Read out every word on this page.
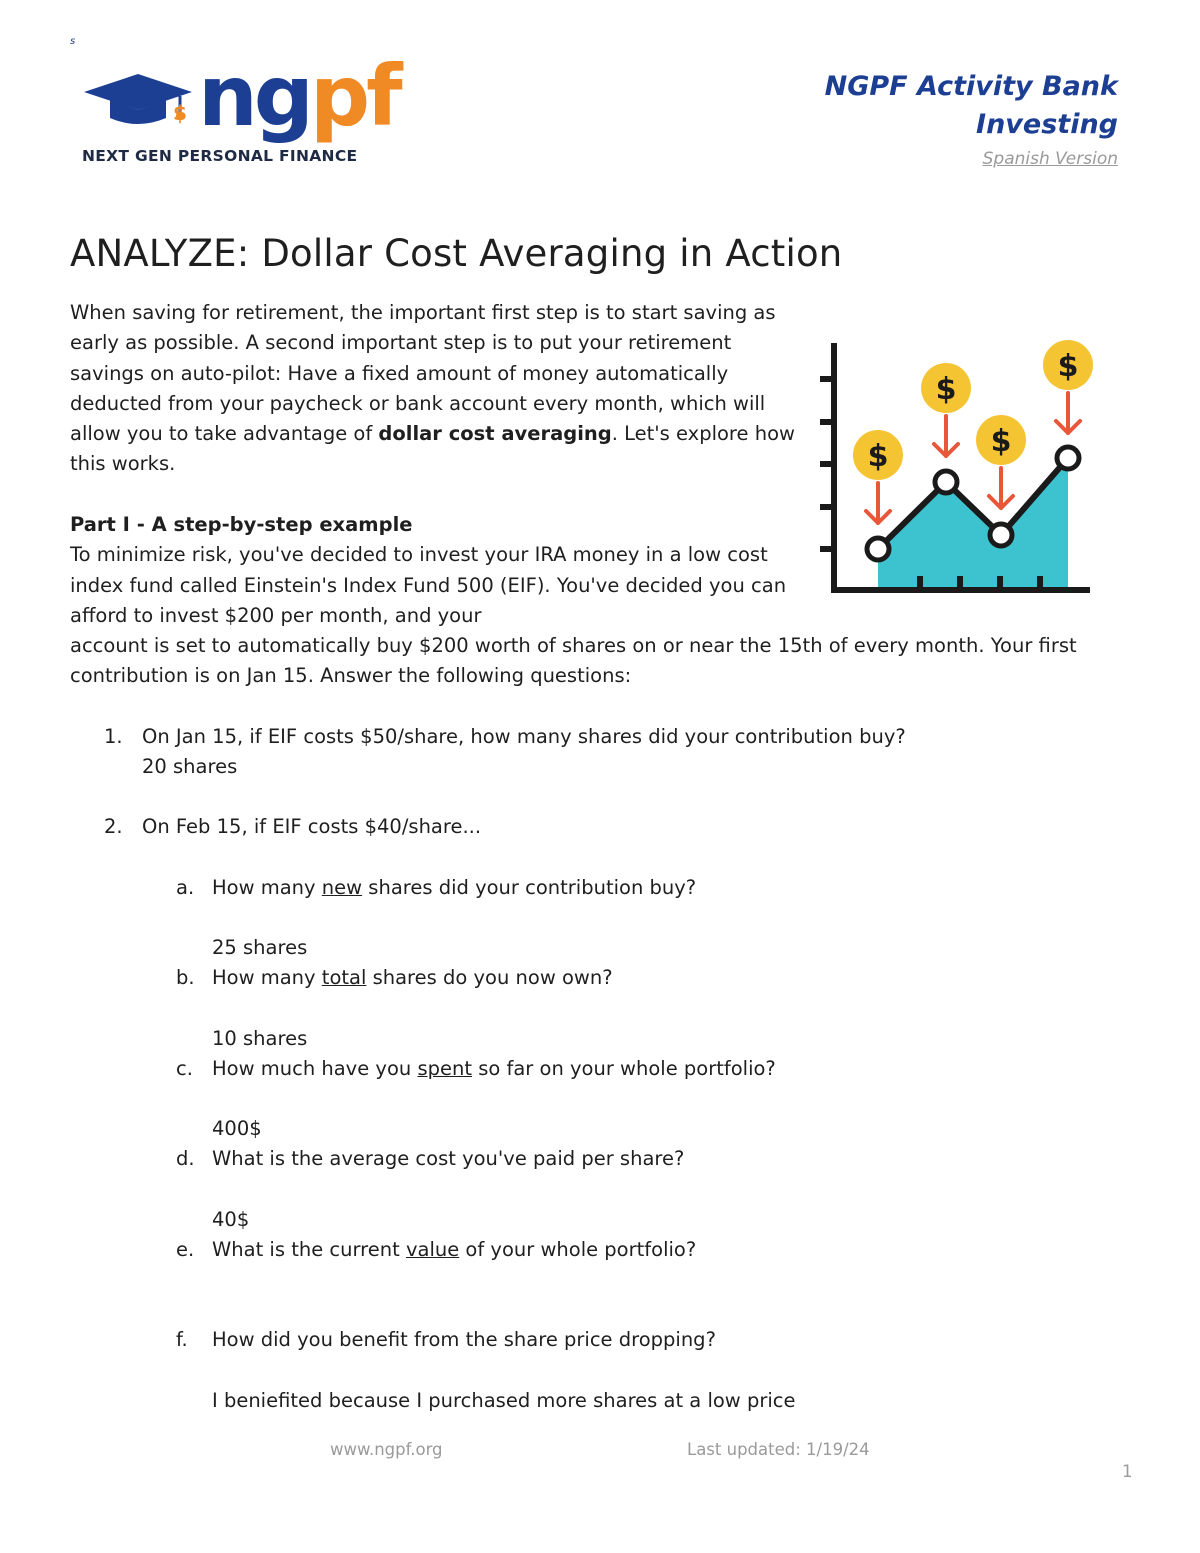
s
$ ngpf
NEXT GEN PERSONAL FINANCE
NGPF Activity Bank
Investing
Spanish Version
ANALYZE: Dollar Cost Averaging in Action
When saving for retirement, the important first step is to start saving as early as possible. A second important step is to put your retirement savings on auto-pilot: Have a fixed amount of money automatically deducted from your paycheck or bank account every month, which will allow you to take advantage of dollar cost averaging. Let's explore how this works.	$
$
$
$
Part I - A step-by-step example
To minimize risk, you've decided to invest your IRA money in a low cost index fund called Einstein's Index Fund 500 (EIF). You've decided you can afford to invest $200 per month, and your
account is set to automatically buy $200 worth of shares on or near the 15th of every month. Your first contribution is on Jan 15. Answer the following questions:
1. On Jan 15, if EIF costs $50/share, how many shares did your contribution buy?
20 shares
2. On Feb 15, if EIF costs $40/share...
a. How many new shares did your contribution buy?
25 shares
b. How many total shares do you now own?
10 shares
c. How much have you spent so far on your whole portfolio?
400$
d. What is the average cost you've paid per share?
40$
e. What is the current value of your whole portfolio?
f. How did you benefit from the share price dropping?
I beniefited because I purchased more shares at a low price
www.ngpf.org	Last updated: 1/19/24
1
